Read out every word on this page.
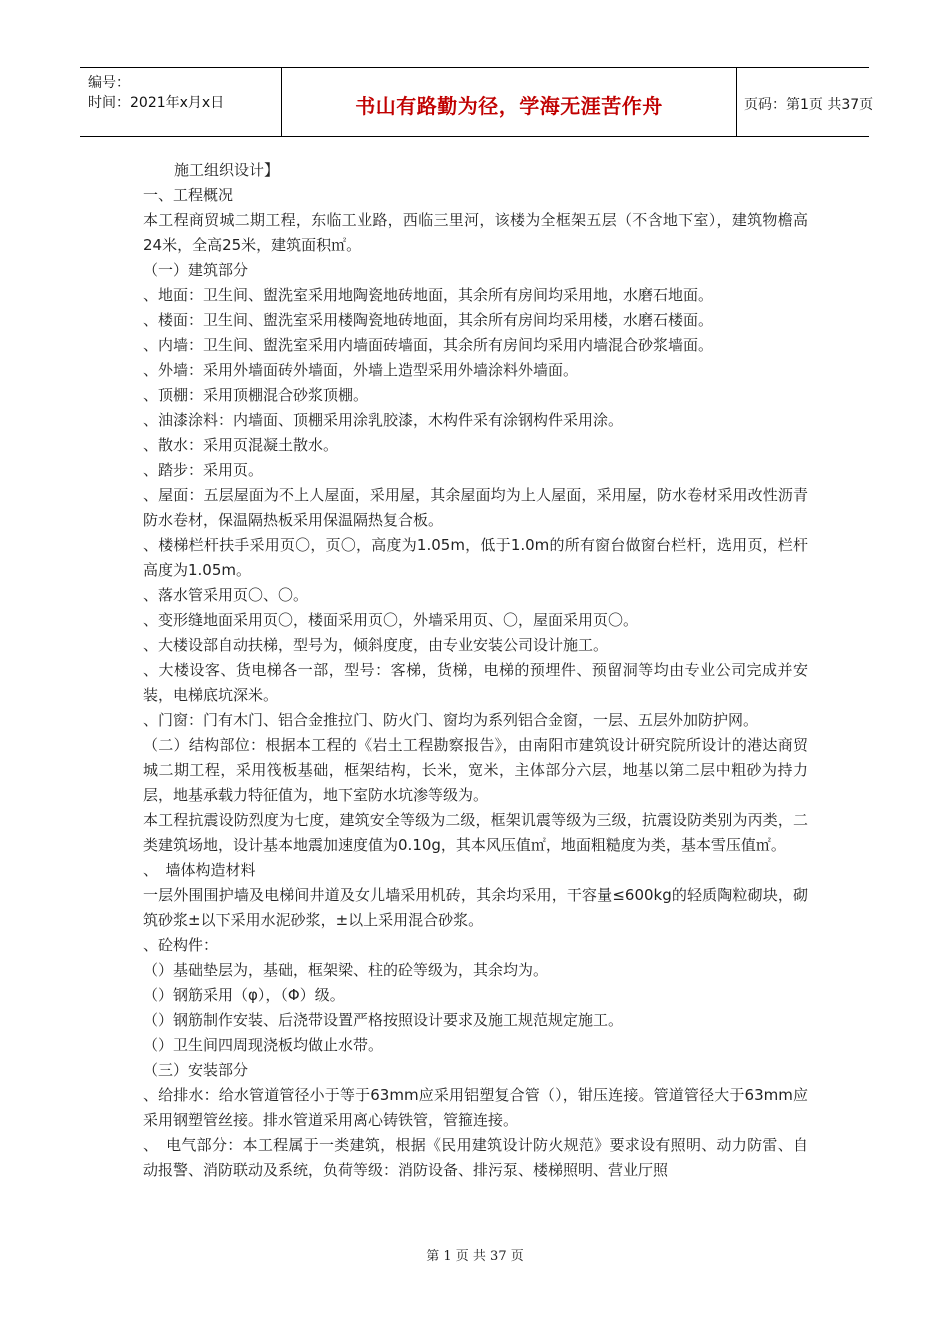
编号：
时间：2021年x月x日	书山有路勤为径，学海无涯苦作舟	页码：第1页 共37页

施工组织设计】

一、工程概况

本工程商贸城二期工程，东临工业路，西临三里河，该楼为全框架五层（不含地下室），建筑物檐高24米，全高25米，建筑面积㎡。

（一）建筑部分

、地面：卫生间、盥洗室采用地陶瓷地砖地面，其余所有房间均采用地，水磨石地面。

、楼面：卫生间、盥洗室采用楼陶瓷地砖地面，其余所有房间均采用楼，水磨石楼面。

、内墙：卫生间、盥洗室采用内墙面砖墙面，其余所有房间均采用内墙混合砂浆墙面。

、外墙：采用外墙面砖外墙面，外墙上造型采用外墙涂料外墙面。

、顶棚：采用顶棚混合砂浆顶棚。

、油漆涂料：内墙面、顶棚采用涂乳胶漆，木构件采有涂钢构件采用涂。

、散水：采用页混凝土散水。

、踏步：采用页。

、屋面：五层屋面为不上人屋面，采用屋，其余屋面均为上人屋面，采用屋，防水卷材采用改性沥青防水卷材，保温隔热板采用保温隔热复合板。

、楼梯栏杆扶手采用页〇，页〇，高度为1.05m，低于1.0m的所有窗台做窗台栏杆，选用页，栏杆高度为1.05m。

、落水管采用页〇、〇。

、变形缝地面采用页〇，楼面采用页〇，外墙采用页、〇，屋面采用页〇。

、大楼设部自动扶梯，型号为，倾斜度度，由专业安装公司设计施工。

、大楼设客、货电梯各一部，型号：客梯，货梯，电梯的预埋件、预留洞等均由专业公司完成并安装，电梯底坑深米。

、门窗：门有木门、铝合金推拉门、防火门、窗均为系列铝合金窗，一层、五层外加防护网。

（二）结构部位：根据本工程的《岩土工程勘察报告》，由南阳市建筑设计研究院所设计的港达商贸城二期工程，采用筏板基础，框架结构，长米，宽米，主体部分六层，地基以第二层中粗砂为持力层，地基承载力特征值为，地下室防水坑渗等级为。

本工程抗震设防烈度为七度，建筑安全等级为二级，框架讥震等级为三级，抗震设防类别为丙类，二类建筑场地，设计基本地震加速度值为0.10g，其本风压值㎡，地面粗糙度为类，基本雪压值㎡。

、　墙体构造材料

一层外围围护墙及电梯间井道及女儿墙采用机砖，其余均采用，干容量≤600kg的轻质陶粒砌块，砌筑砂浆±以下采用水泥砂浆，±以上采用混合砂浆。

、砼构件：

（）基础垫层为，基础，框架梁、柱的砼等级为，其余均为。

（）钢筋采用（φ），（Φ）级。

（）钢筋制作安装、后浇带设置严格按照设计要求及施工规范规定施工。

（）卫生间四周现浇板均做止水带。

（三）安装部分

、给排水：给水管道管径小于等于63mm应采用铝塑复合管（），钳压连接。管道管径大于63mm应采用钢塑管丝接。排水管道采用离心铸铁管，管箍连接。

、　电气部分：本工程属于一类建筑，根据《民用建筑设计防火规范》要求设有照明、动力防雷、自动报警、消防联动及系统，负荷等级：消防设备、排污泵、楼梯照明、营业厅照

第 1 页 共 37 页
